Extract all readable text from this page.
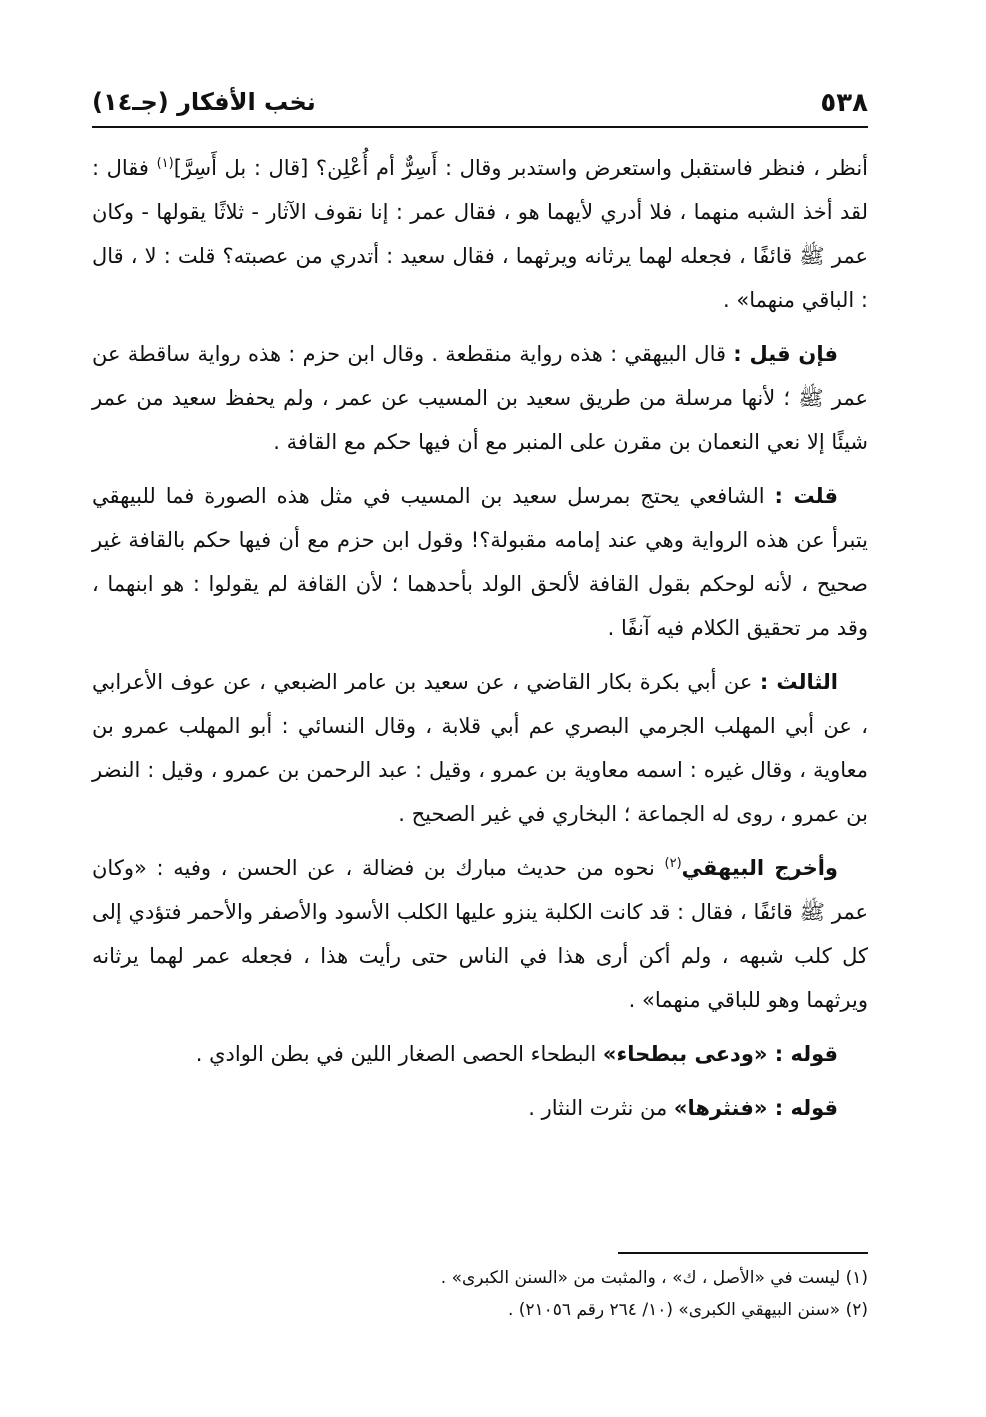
٥٣٨
نخب الأفكار (جـ١٤)

أنظر ، فنظر فاستقبل واستعرض واستدبر وقال : أَسِرٌّ أم أُعْلِن؟ [قال : بل أَسِرَّ]$^{(١)}$ فقال : لقد أخذ الشبه منهما ، فلا أدري لأيهما هو ، فقال عمر : إنا نقوف الآثار - ثلاثًا يقولها - وكان عمر ﷺ قائفًا ، فجعله لهما يرثانه ويرثهما ، فقال سعيد : أتدري من عصبته؟ قلت : لا ، قال : الباقي منهما» .

فإن قيل : قال البيهقي : هذه رواية منقطعة . وقال ابن حزم : هذه رواية ساقطة عن عمر ﷺ ؛ لأنها مرسلة من طريق سعيد بن المسيب عن عمر ، ولم يحفظ سعيد من عمر شيئًا إلا نعي النعمان بن مقرن على المنبر مع أن فيها حكم مع القافة .

قلت : الشافعي يحتج بمرسل سعيد بن المسيب في مثل هذه الصورة فما للبيهقي يتبرأ عن هذه الرواية وهي عند إمامه مقبولة؟! وقول ابن حزم مع أن فيها حكم بالقافة غير صحيح ، لأنه لوحكم بقول القافة لألحق الولد بأحدهما ؛ لأن القافة لم يقولوا : هو ابنهما ، وقد مر تحقيق الكلام فيه آنفًا .

الثالث : عن أبي بكرة بكار القاضي ، عن سعيد بن عامر الضبعي ، عن عوف الأعرابي ، عن أبي المهلب الجرمي البصري عم أبي قلابة ، وقال النسائي : أبو المهلب عمرو بن معاوية ، وقال غيره : اسمه معاوية بن عمرو ، وقيل : عبد الرحمن بن عمرو ، وقيل : النضر بن عمرو ، روى له الجماعة ؛ البخاري في غير الصحيح .

وأخرج البيهقي$^{(٢)}$ نحوه من حديث مبارك بن فضالة ، عن الحسن ، وفيه : «وكان عمر ﷺ قائفًا ، فقال : قد كانت الكلبة ينزو عليها الكلب الأسود والأصفر والأحمر فتؤدي إلى كل كلب شبهه ، ولم أكن أرى هذا في الناس حتى رأيت هذا ، فجعله عمر لهما يرثانه ويرثهما وهو للباقي منهما» .

قوله : «ودعى ببطحاء» البطحاء الحصى الصغار اللين في بطن الوادي .

قوله : «فنثرها» من نثرت النثار .

(١) ليست في «الأصل ، ك» ، والمثبت من «السنن الكبرى» .

(٢) «سنن البيهقي الكبرى» (١٠/ ٢٦٤ رقم ٢١٠٥٦) .
